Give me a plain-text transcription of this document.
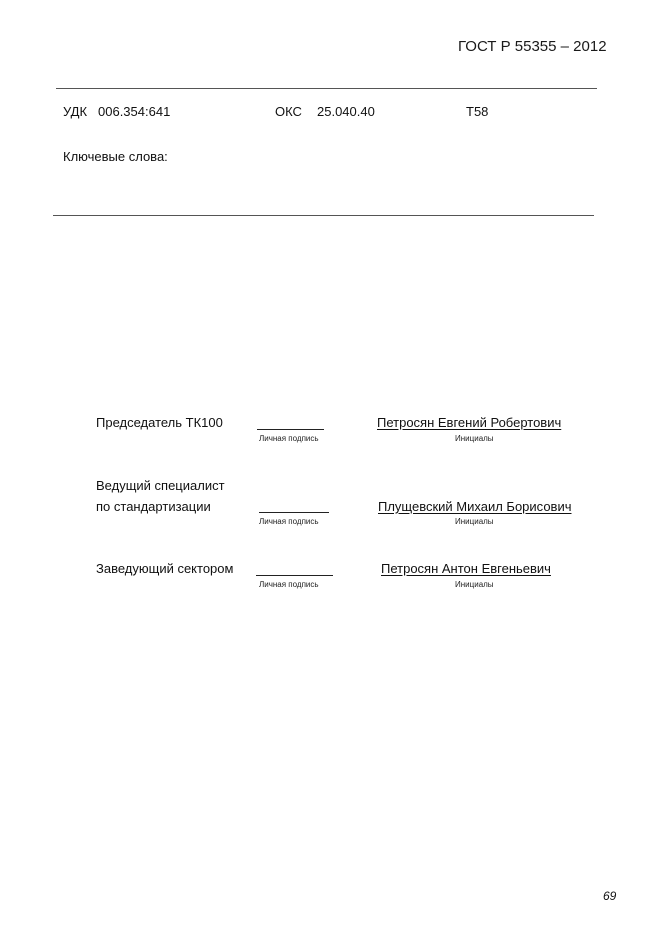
ГОСТ Р 55355 – 2012
УДК 006.354:641	ОКС 25.040.40	Т58
Ключевые слова:
Председатель ТК100
Личная подпись
Петросян Евгений Робертович
Инициалы
Ведущий специалист
по стандартизации
Личная подпись
Плущевский Михаил Борисович
Инициалы
Заведующий сектором
Личная подпись
Петросян Антон Евгеньевич
Инициалы
69
